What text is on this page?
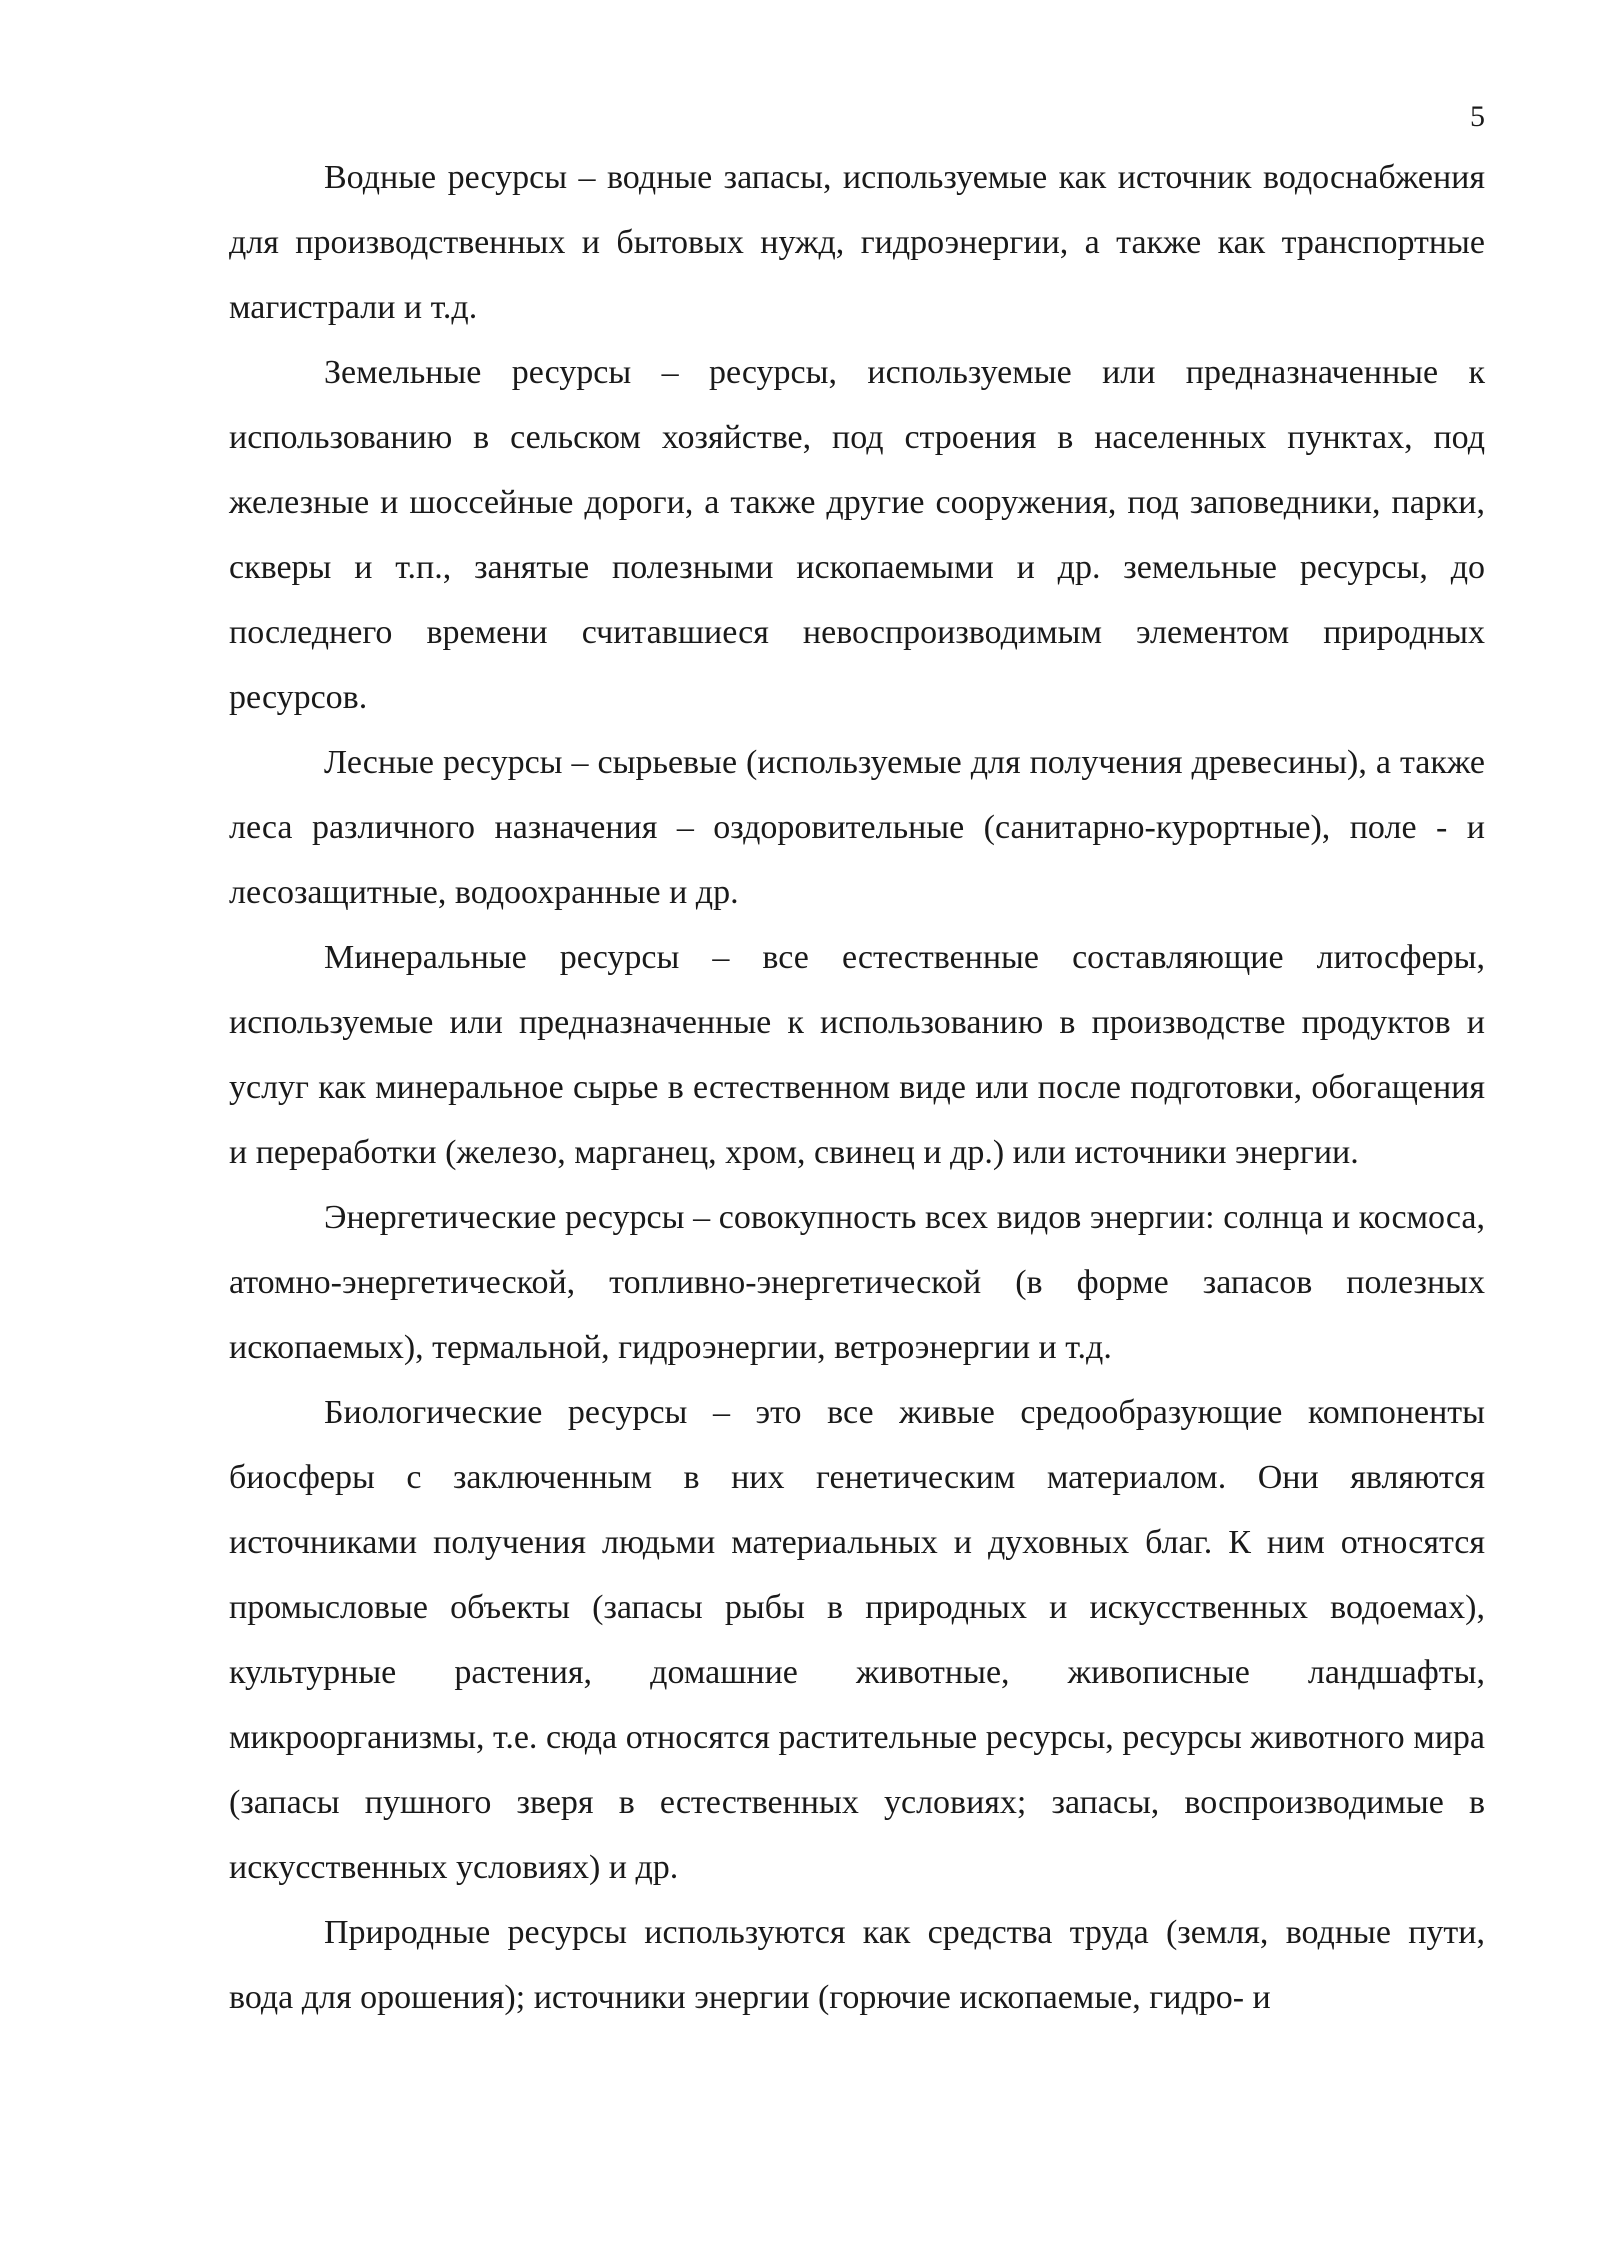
5

Водные ресурсы – водные запасы, используемые как источник водоснабжения для производственных и бытовых нужд, гидроэнергии, а также как транспортные магистрали и т.д.

Земельные ресурсы – ресурсы, используемые или предназначенные к использованию в сельском хозяйстве, под строения в населенных пунктах, под железные и шоссейные дороги, а также другие сооружения, под заповедники, парки, скверы и т.п., занятые полезными ископаемыми и др. земельные ресурсы, до последнего времени считавшиеся невоспроизводимым элементом природных ресурсов.

Лесные ресурсы – сырьевые (используемые для получения древесины), а также леса различного назначения – оздоровительные (санитарно-курортные), поле - и лесозащитные, водоохранные и др.

Минеральные ресурсы – все естественные составляющие литосферы, используемые или предназначенные к использованию в производстве продуктов и услуг как минеральное сырье в естественном виде или после подготовки, обогащения и переработки (железо, марганец, хром, свинец и др.) или источники энергии.

Энергетические ресурсы – совокупность всех видов энергии: солнца и космоса, атомно-энергетической, топливно-энергетической (в форме запасов полезных ископаемых), термальной, гидроэнергии, ветроэнергии и т.д.

Биологические ресурсы – это все живые средообразующие компоненты биосферы с заключенным в них генетическим материалом. Они являются источниками получения людьми материальных и духовных благ. К ним относятся промысловые объекты (запасы рыбы в природных и искусственных водоемах), культурные растения, домашние животные, живописные ландшафты, микроорганизмы, т.е. сюда относятся растительные ресурсы, ресурсы животного мира (запасы пушного зверя в естественных условиях; запасы, воспроизводимые в искусственных условиях) и др.

Природные ресурсы используются как средства труда (земля, водные пути, вода для орошения); источники энергии (горючие ископаемые, гидро- и
